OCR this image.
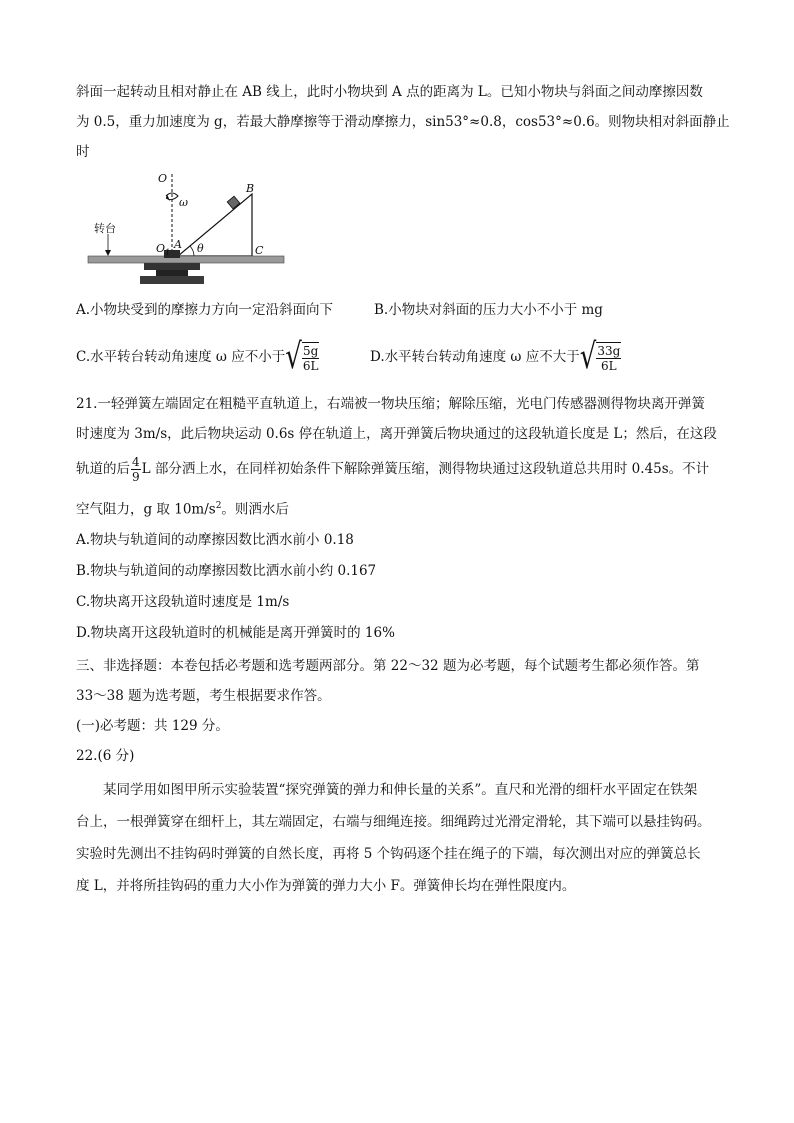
斜面一起转动且相对静止在 AB 线上，此时小物块到 A 点的距离为 L。已知小物块与斜面之间动摩擦因数
为 0.5，重力加速度为 g，若最大静摩擦等于滑动摩擦力，sin53°≈0.8，cos53°≈0.6。则物块相对斜面静止
时
O
B
ω
转台
$O_1$
A θ	C
A.小物块受到的摩擦力方向一定沿斜面向下	B.小物块对斜面的压力大小不小于 mg
C.水平转台转动角速度 ω 应不小于 √ $\frac{5g}{6L}$	D.水平转台转动角速度 ω 应不大于 √ $\frac{33g}{6L}$
21.一轻弹簧左端固定在粗糙平直轨道上，右端被一物块压缩；解除压缩，光电门传感器测得物块离开弹簧
时速度为 3m/s，此后物块运动 0.6s 停在轨道上，离开弹簧后物块通过的这段轨道长度是 L；然后，在这段
轨道的后 $\frac{4}{9}$ L 部分洒上水，在同样初始条件下解除弹簧压缩，测得物块通过这段轨道总共用时 0.45s。不计
空气阻力，g 取 $10m/s^2$。则洒水后
A.物块与轨道间的动摩擦因数比洒水前小 0.18
B.物块与轨道间的动摩擦因数比洒水前小约 0.167
C.物块离开这段轨道时速度是 1m/s
D.物块离开这段轨道时的机械能是离开弹簧时的 16%
三、非选择题：本卷包括必考题和选考题两部分。第 22～32 题为必考题，每个试题考生都必须作答。第
33～38 题为选考题，考生根据要求作答。
(一)必考题：共 129 分。
22.(6 分)
某同学用如图甲所示实验装置“探究弹簧的弹力和伸长量的关系”。直尺和光滑的细杆水平固定在铁架
台上，一根弹簧穿在细杆上，其左端固定，右端与细绳连接。细绳跨过光滑定滑轮，其下端可以悬挂钩码。
实验时先测出不挂钩码时弹簧的自然长度，再将 5 个钩码逐个挂在绳子的下端，每次测出对应的弹簧总长
度 L，并将所挂钩码的重力大小作为弹簧的弹力大小 F。弹簧伸长均在弹性限度内。
